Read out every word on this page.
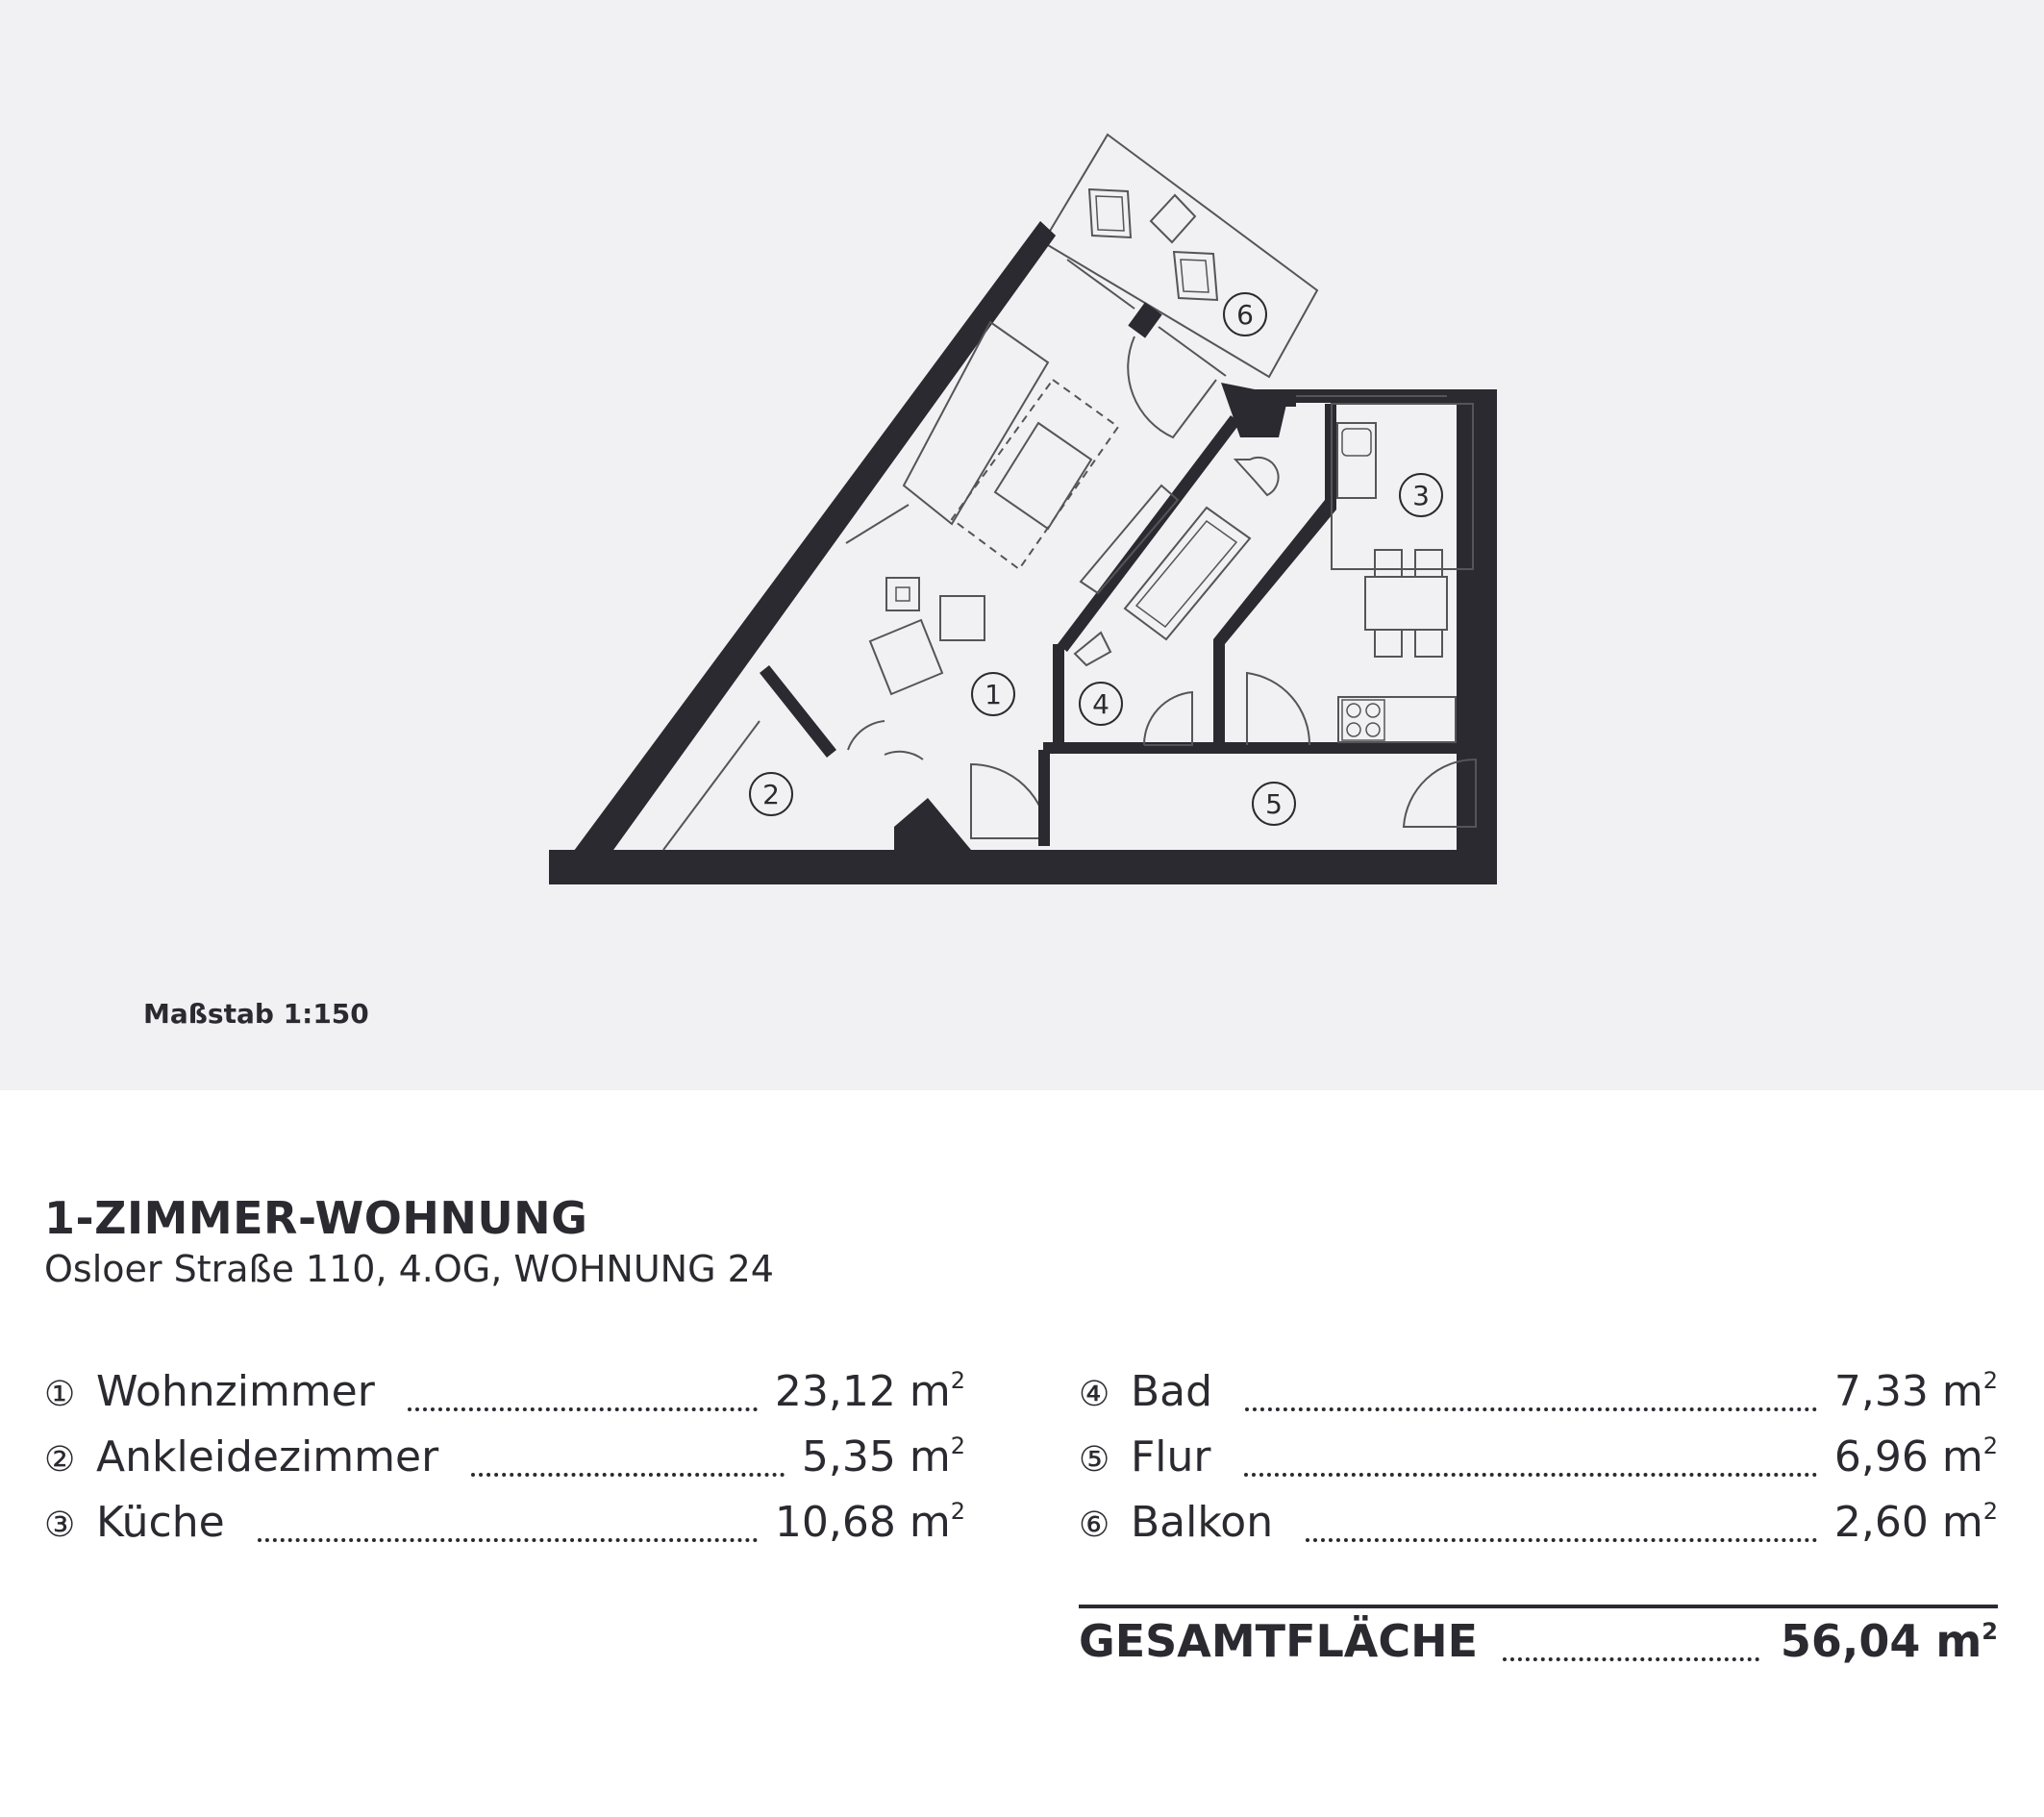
1
2
3
4
5
6
Maßstab 1:150
1-ZIMMER-WOHNUNG
Osloer Straße 110, 4.OG, WOHNUNG 24
① Wohnzimmer	23,12 $m^2$
② Ankleidezimmer	5,35 $m^2$
③ Küche	10,68 $m^2$
④ Bad	7,33 $m^2$
⑤ Flur	6,96 $m^2$
⑥ Balkon	2,60 $m^2$
GESAMTFLÄCHE	56,04 $m^2$
